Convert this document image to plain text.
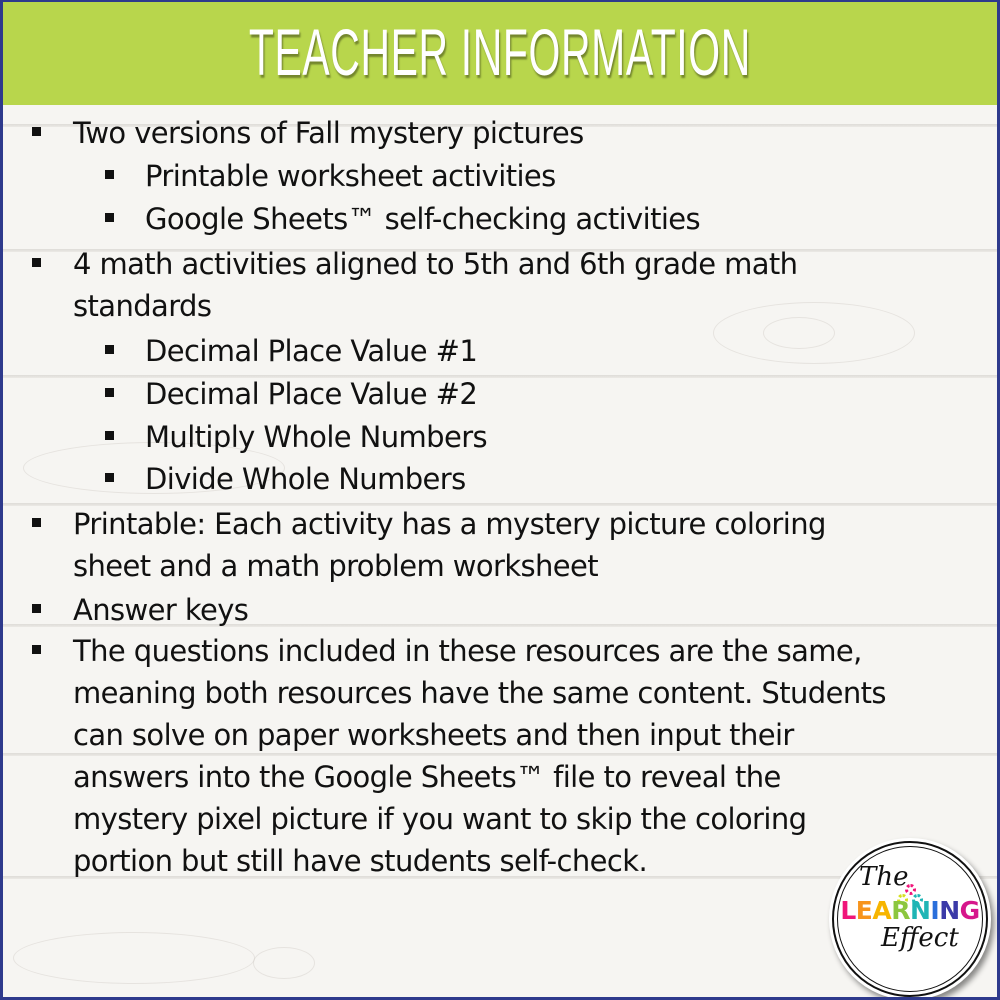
TEACHER INFORMATION
Two versions of Fall mystery pictures
Printable worksheet activities
Google Sheets™ self-checking activities
4 math activities aligned to 5th and 6th grade math
standards
Decimal Place Value #1
Decimal Place Value #2
Multiply Whole Numbers
Divide Whole Numbers
Printable: Each activity has a mystery picture coloring
sheet and a math problem worksheet
Answer keys
The questions included in these resources are the same,
meaning both resources have the same content. Students
can solve on paper worksheets and then input their
answers into the Google Sheets™ file to reveal the
mystery pixel picture if you want to skip the coloring
portion but still have students self-check.	The
LEARNING
Effect
